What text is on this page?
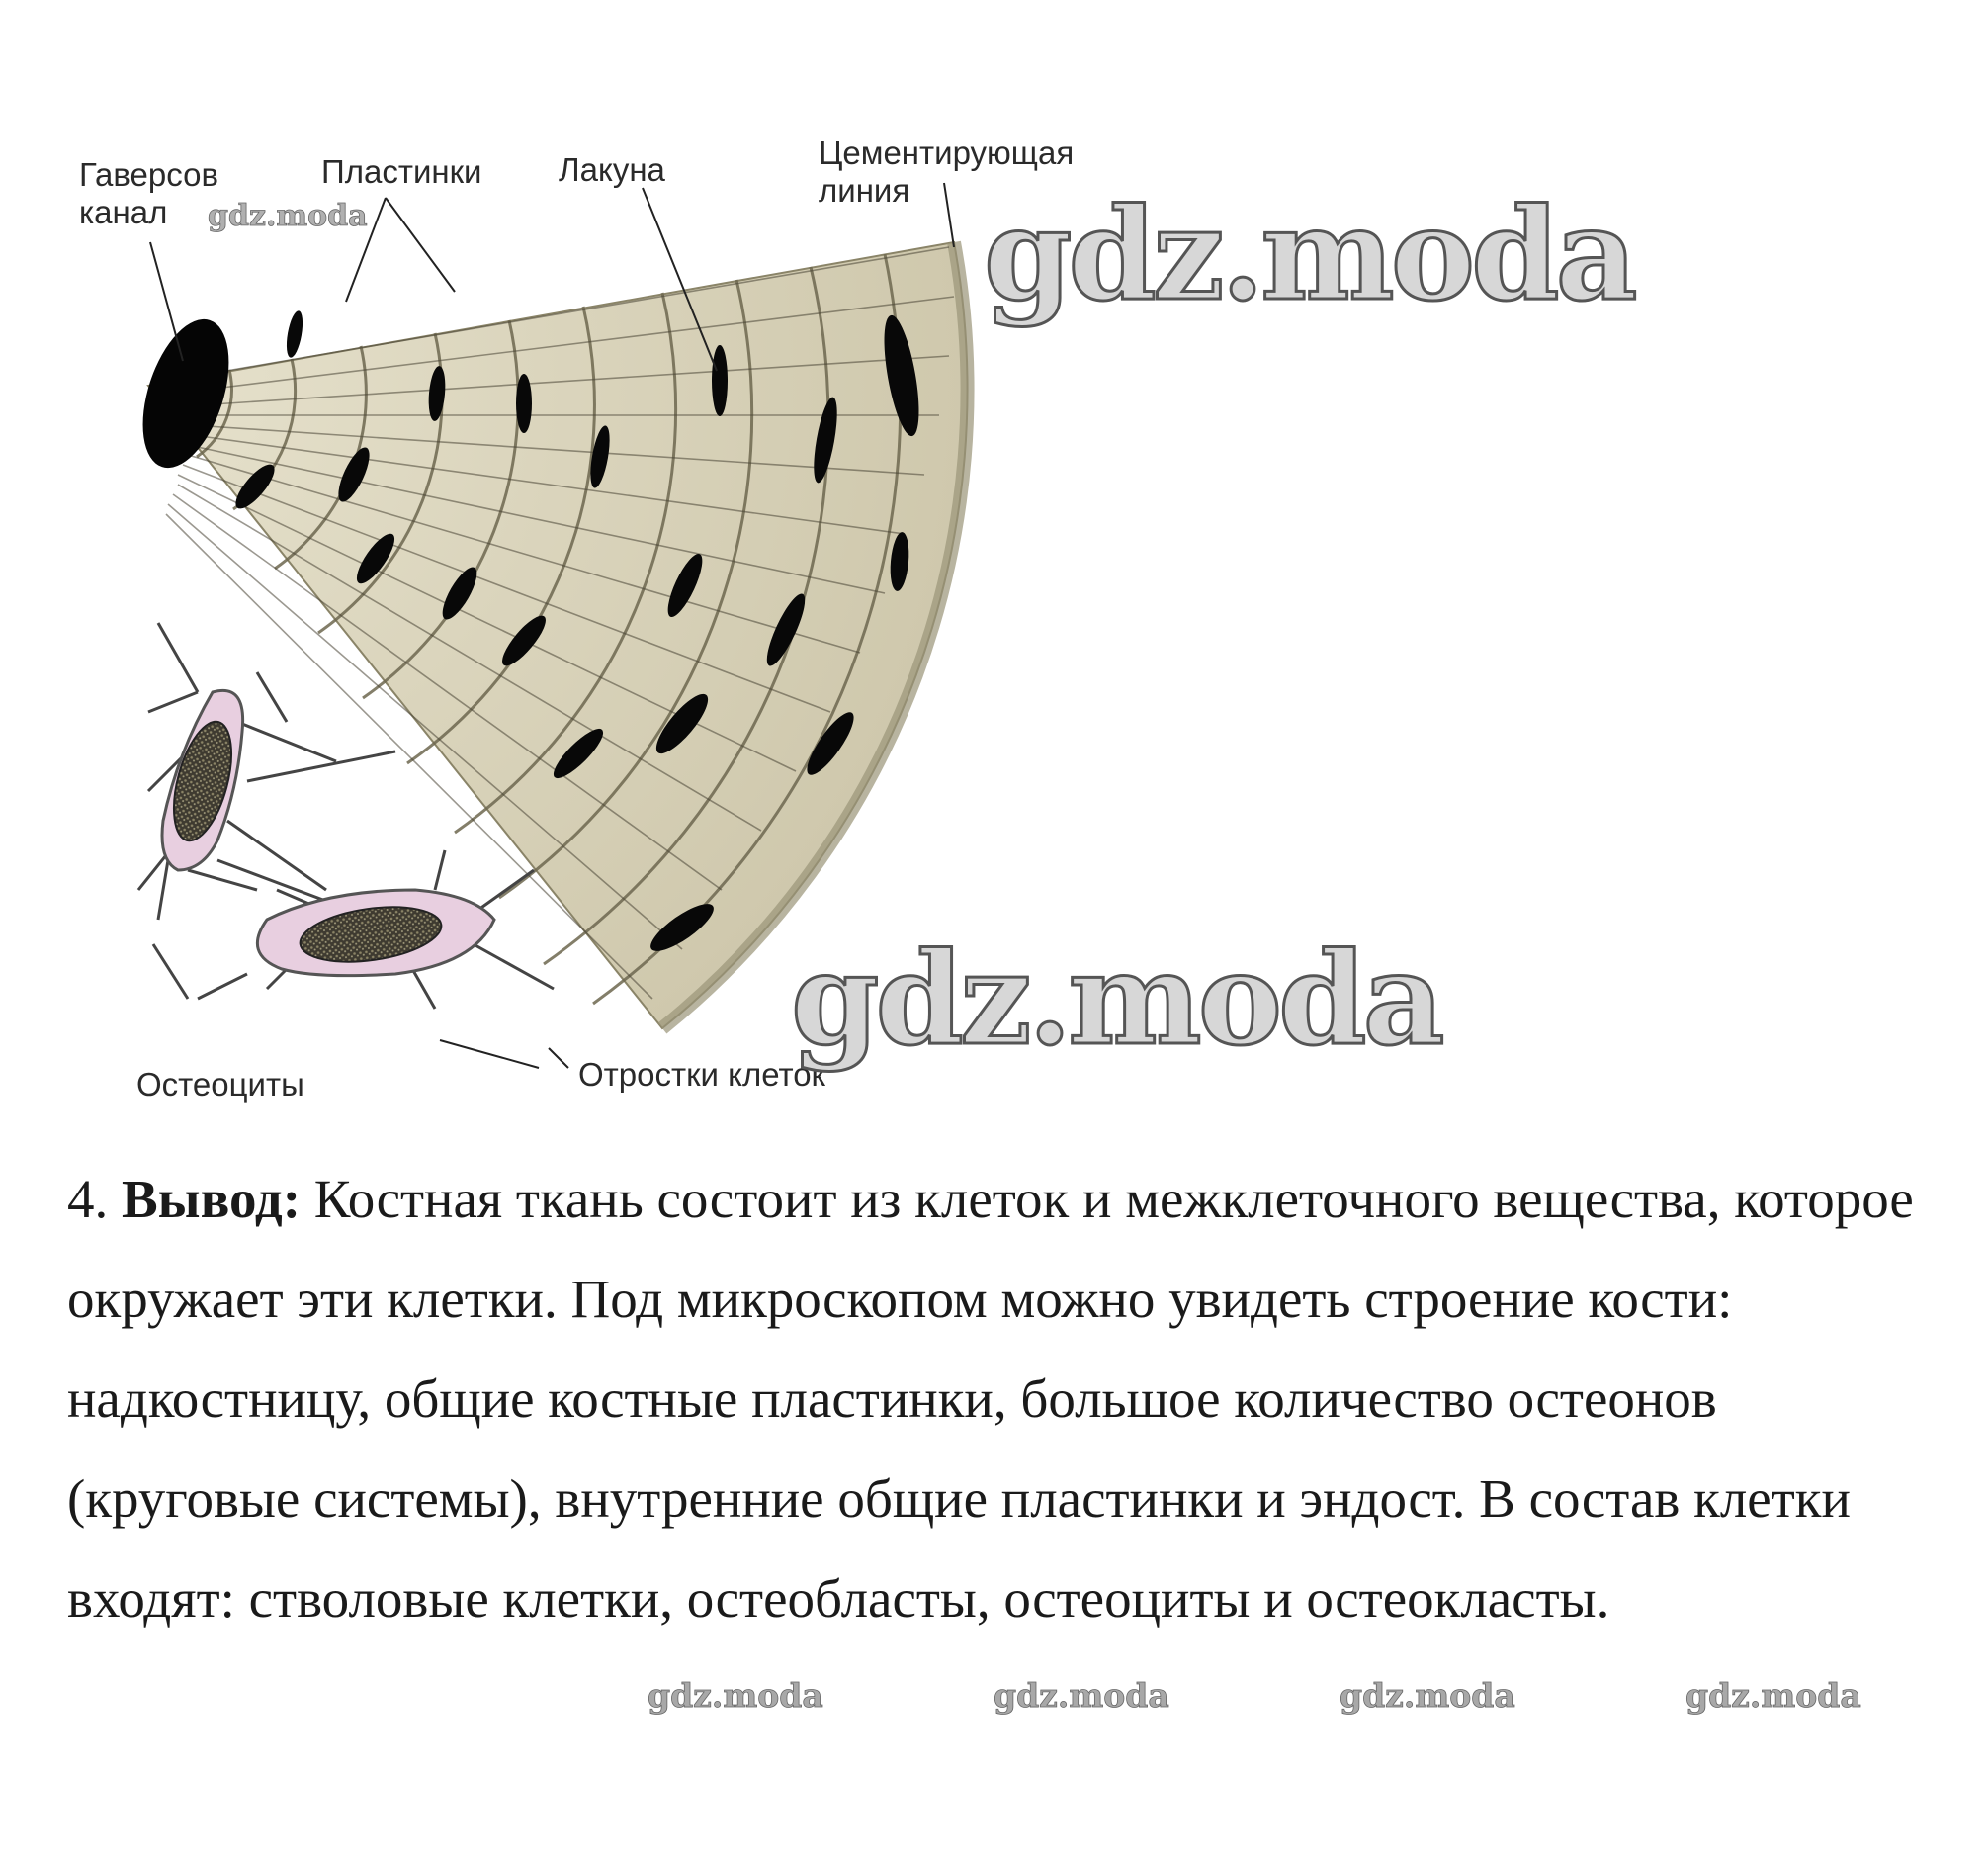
Гаверсов
канал
Пластинки Лакуна	Цементирующая
линия
Остеоциты	Отростки клеток
gdz.moda	gdz.moda
gdz.moda

4. Вывод: Костная ткань состоит из клеток и межклеточного вещества, которое окружает эти клетки. Под микроскопом можно увидеть строение кости: надкостницу, общие костные пластинки, большое количество остеонов (круговые системы), внутренние общие пластинки и эндост. В состав клетки входят: стволовые клетки, остеобласты, остеоциты и остеокласты.

gdz.moda	gdz.moda	gdz.moda	gdz.moda
